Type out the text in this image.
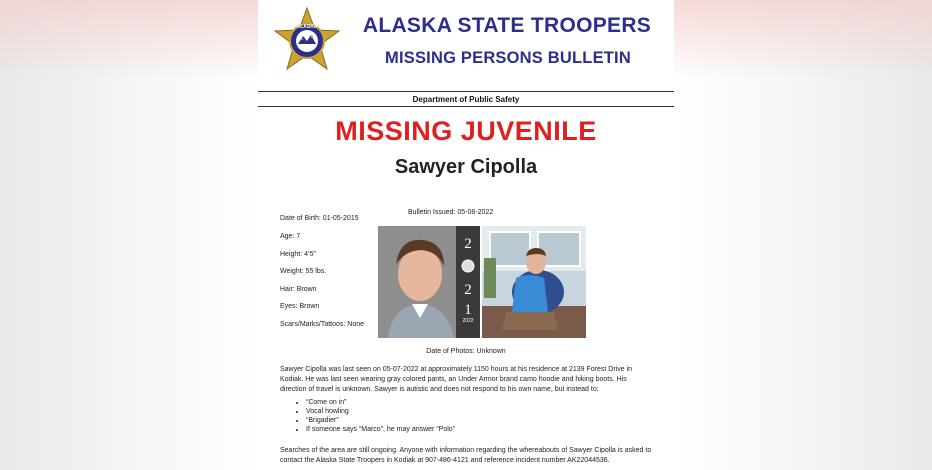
ALASKA	ALASKA STATE TROOPERS
MISSING PERSONS BULLETIN
Department of Public Safety
MISSING JUVENILE
Sawyer Cipolla
Bulletin Issued: 05-08-2022
Date of Birth: 01-05-2015
Age: 7
Height: 4’5”
Weight: 55 lbs.
Hair: Brown
Eyes: Brown
Scars/Marks/Tattoos: None
2
2
1
2022
Date of Photos: Unknown

Sawyer Cipolla was last seen on 05-07-2022 at approximately 1150 hours at his residence at 2139 Forest Drive in Kodiak. He was last seen wearing gray colored pants, an Under Armor brand camo hoodie and hiking boots. His direction of travel is unknown. Sawyer is autistic and does not respond to his own name, but instead to:

• “Come on in”
• Vocal howling
• “Brigadier”
• If someone says “Marco”, he may answer “Polo”

Searches of the area are still ongoing. Anyone with information regarding the whereabouts of Sawyer Cipolla is asked to contact the Alaska State Troopers in Kodiak at 907-486-4121 and reference incident number AK22044536.
